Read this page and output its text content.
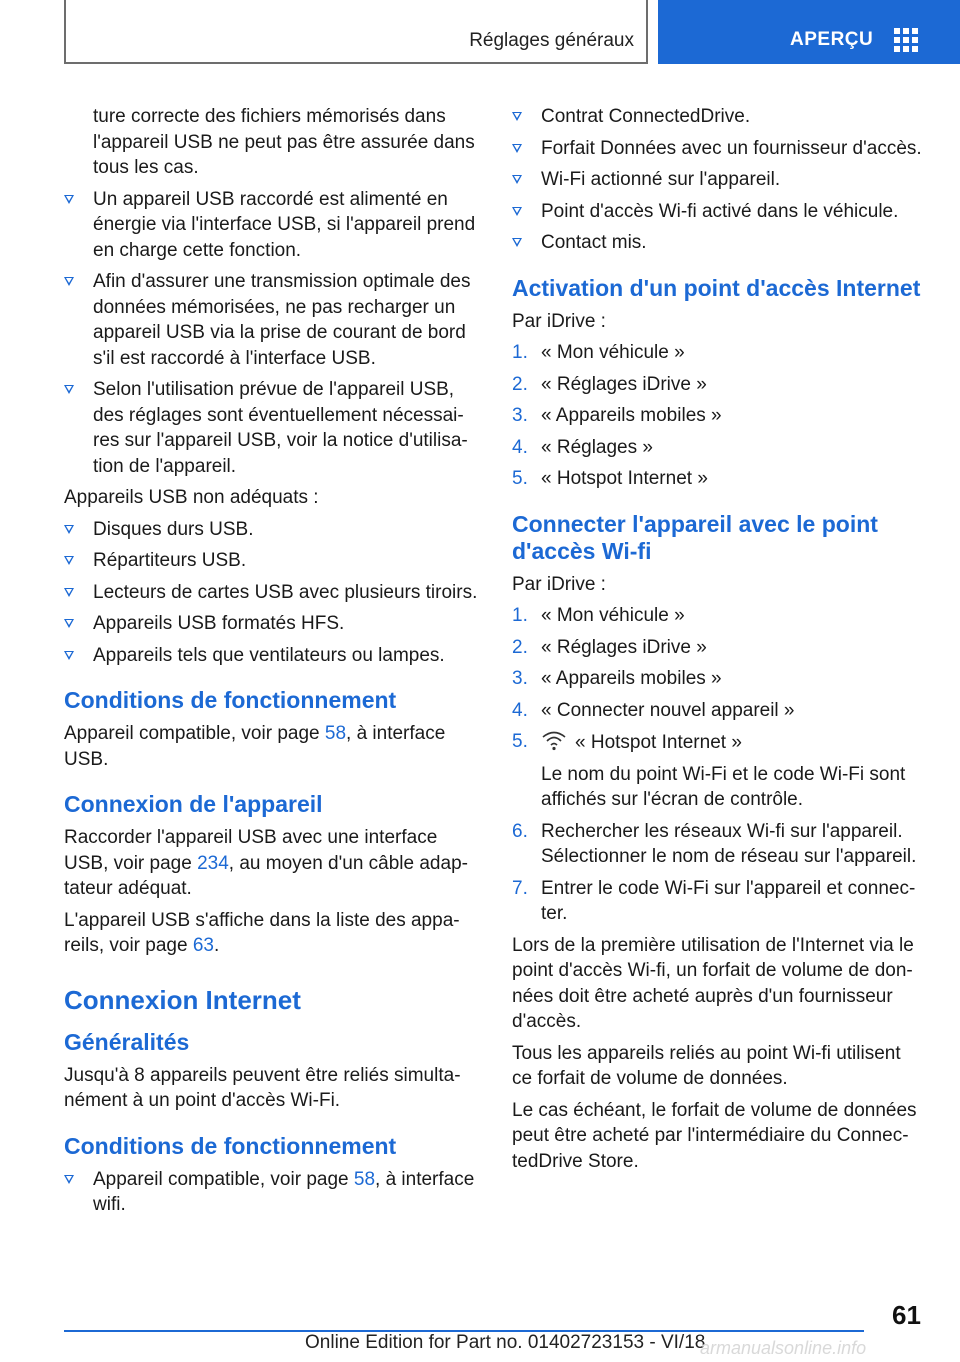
Réglages généraux	APERÇU

ture correcte des fichiers mémorisés dans l'appareil USB ne peut pas être assurée dans tous les cas.

Un appareil USB raccordé est alimenté en énergie via l'interface USB, si l'appareil prend en charge cette fonction.
Afin d'assurer une transmission optimale des données mémorisées, ne pas recharger un appareil USB via la prise de courant de bord s'il est raccordé à l'interface USB.
Selon l'utilisation prévue de l'appareil USB, des réglages sont éventuellement nécessaires sur l'appareil USB, voir la notice d'utilisation de l'appareil.

Appareils USB non adéquats :

Disques durs USB.
Répartiteurs USB.
Lecteurs de cartes USB avec plusieurs tiroirs.
Appareils USB formatés HFS.
Appareils tels que ventilateurs ou lampes.
Conditions de fonctionnement

Appareil compatible, voir page 58, à interface USB.

Connexion de l'appareil

Raccorder l'appareil USB avec une interface USB, voir page 234, au moyen d'un câble adaptateur adéquat.

L'appareil USB s'affiche dans la liste des appareils, voir page 63.

Connexion Internet
Généralités

Jusqu'à 8 appareils peuvent être reliés simultanément à un point d'accès Wi-Fi.

Conditions de fonctionnement
Appareil compatible, voir page 58, à interface wifi.
Contrat ConnectedDrive.
Forfait Données avec un fournisseur d'accès.
Wi-Fi actionné sur l'appareil.
Point d'accès Wi-fi activé dans le véhicule.
Contact mis.
Activation d'un point d'accès Internet

Par iDrive :

1. « Mon véhicule »
2. « Réglages iDrive »
3. « Appareils mobiles »
4. « Réglages »
5. « Hotspot Internet »
Connecter l'appareil avec le point d'accès Wi-fi

Par iDrive :

1. « Mon véhicule »
2. « Réglages iDrive »
3. « Appareils mobiles »
4. « Connecter nouvel appareil »
5. « Hotspot Internet »

Le nom du point Wi-Fi et le code Wi-Fi sont affichés sur l'écran de contrôle.

6. Rechercher les réseaux Wi-fi sur l'appareil. Sélectionner le nom de réseau sur l'appareil.
7. Entrer le code Wi-Fi sur l'appareil et connecter.

Lors de la première utilisation de l'Internet via le point d'accès Wi-fi, un forfait de volume de données doit être acheté auprès d'un fournisseur d'accès.

Tous les appareils reliés au point Wi-fi utilisent ce forfait de volume de données.

Le cas échéant, le forfait de volume de données peut être acheté par l'intermédiaire du ConnectedDrive Store.

61
Online Edition for Part no. 01402723153 - VI/18
armanualsonline.info
